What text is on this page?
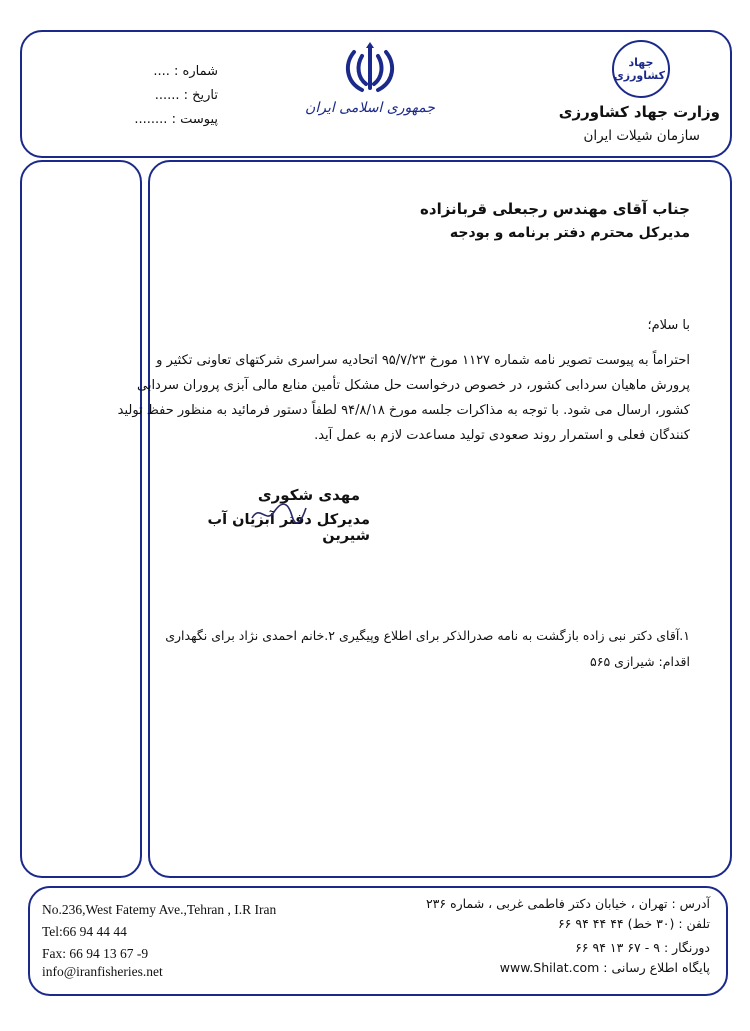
شماره : ....
تاریخ : ......
پیوست : ........
جمهوری اسلامی ایران
جهاد کشاورزی
وزارت جهاد کشاورزی
سازمان شیلات ایران
جناب آقای مهندس رجبعلی قربانزاده
مدیرکل محترم دفتر برنامه و بودجه
با سلام؛
احتراماً به پیوست تصویر نامه شماره ۱۱۲۷ مورخ ۹۵/۷/۲۳ اتحادیه سراسری شرکتهای تعاونی تکثیر و
پرورش ماهیان سردابی کشور، در خصوص درخواست حل مشکل تأمین منابع مالی آبزی پروران سردابی
کشور، ارسال می شود. با توجه به مذاکرات جلسه مورخ ۹۴/۸/۱۸ لطفاً دستور فرمائید به منظور حفظ تولید
کنندگان فعلی و استمرار روند صعودی تولید مساعدت لازم به عمل آید.
مهدی شکوری
مدیرکل دفتر آبزیان آب شیرین
۱.آقای دکتر نبی زاده بازگشت به نامه صدرالذکر برای اطلاع وپیگیری ۲.خانم احمدی نژاد برای نگهداری
اقدام: شیرازی ۵۶۵
No.236,West Fatemy Ave.,Tehran , I.R Iran
Tel:66 94 44 44
Fax: 66 94 13 67 -9
info@iranfisheries.net
آدرس : تهران ، خیابان دکتر فاطمی غربی ، شماره ۲۳۶
تلفن : (۳۰ خط) ۴۴ ۴۴ ۹۴ ۶۶
دورنگار : ۹ - ۶۷ ۱۳ ۹۴ ۶۶
پایگاه اطلاع رسانی : www.Shilat.com
